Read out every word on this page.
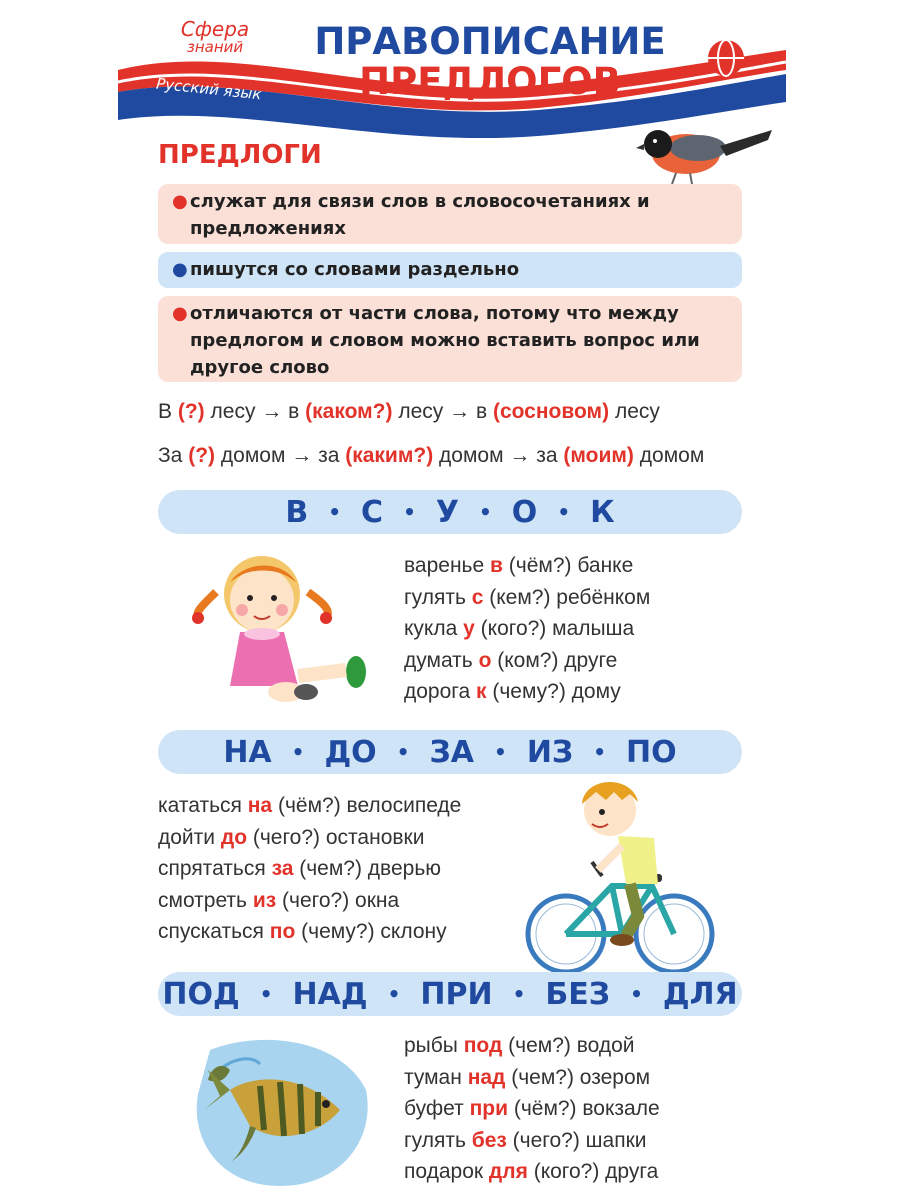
Сфера
знаний
Русский язык
ПРАВОПИСАНИЕ
ПРЕДЛОГОВ
ПРЕДЛОГИ
● служат для связи слов в словосочетаниях и предложениях
● пишутся со словами раздельно
● отличаются от части слова, потому что между предлогом и словом можно вставить вопрос или другое слово
В (?) лесу → в (каком?) лесу → в (сосновом) лесу
За (?) домом → за (каким?) домом → за (моим) домом
В • С • У • О • К
варенье в (чём?) банке
гулять с (кем?) ребёнком
кукла у (кого?) малыша
думать о (ком?) друге
дорога к (чему?) дому
НА • ДО • ЗА • ИЗ • ПО
кататься на (чём?) велосипеде
дойти до (чего?) остановки
спрятаться за (чем?) дверью
смотреть из (чего?) окна
спускаться по (чему?) склону
ПОД • НАД • ПРИ • БЕЗ • ДЛЯ
рыбы под (чем?) водой
туман над (чем?) озером
буфет при (чём?) вокзале
гулять без (чего?) шапки
подарок для (кого?) друга
